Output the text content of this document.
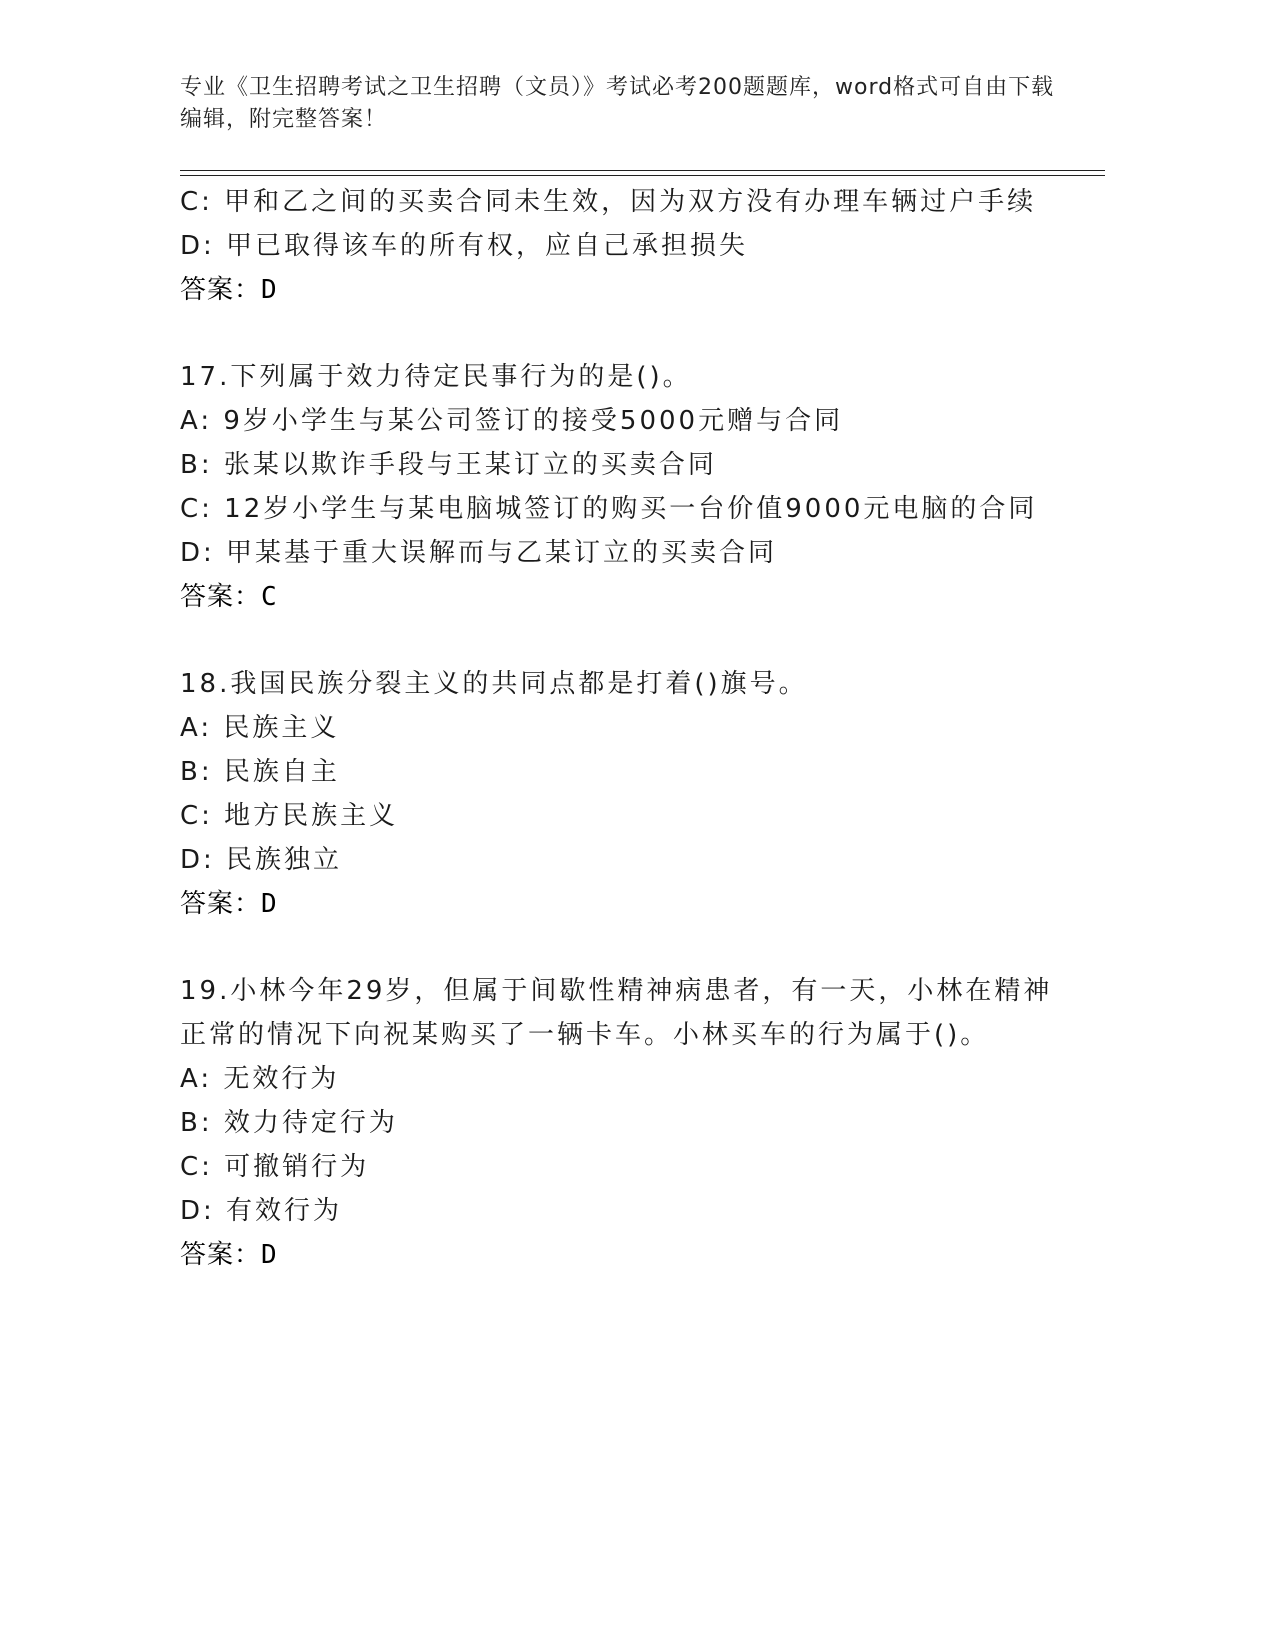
专业《卫生招聘考试之卫生招聘（文员）》考试必考200题题库，word格式可自由下载编辑，附完整答案！
C: 甲和乙之间的买卖合同未生效，因为双方没有办理车辆过户手续
D: 甲已取得该车的所有权，应自己承担损失
答案：D
17.下列属于效力待定民事行为的是()。
A: 9岁小学生与某公司签订的接受5000元赠与合同
B: 张某以欺诈手段与王某订立的买卖合同
C: 12岁小学生与某电脑城签订的购买一台价值9000元电脑的合同
D: 甲某基于重大误解而与乙某订立的买卖合同
答案：C
18.我国民族分裂主义的共同点都是打着()旗号。
A: 民族主义
B: 民族自主
C: 地方民族主义
D: 民族独立
答案：D
19.小林今年29岁，但属于间歇性精神病患者，有一天，小林在精神
正常的情况下向祝某购买了一辆卡车。小林买车的行为属于()。
A: 无效行为
B: 效力待定行为
C: 可撤销行为
D: 有效行为
答案：D
